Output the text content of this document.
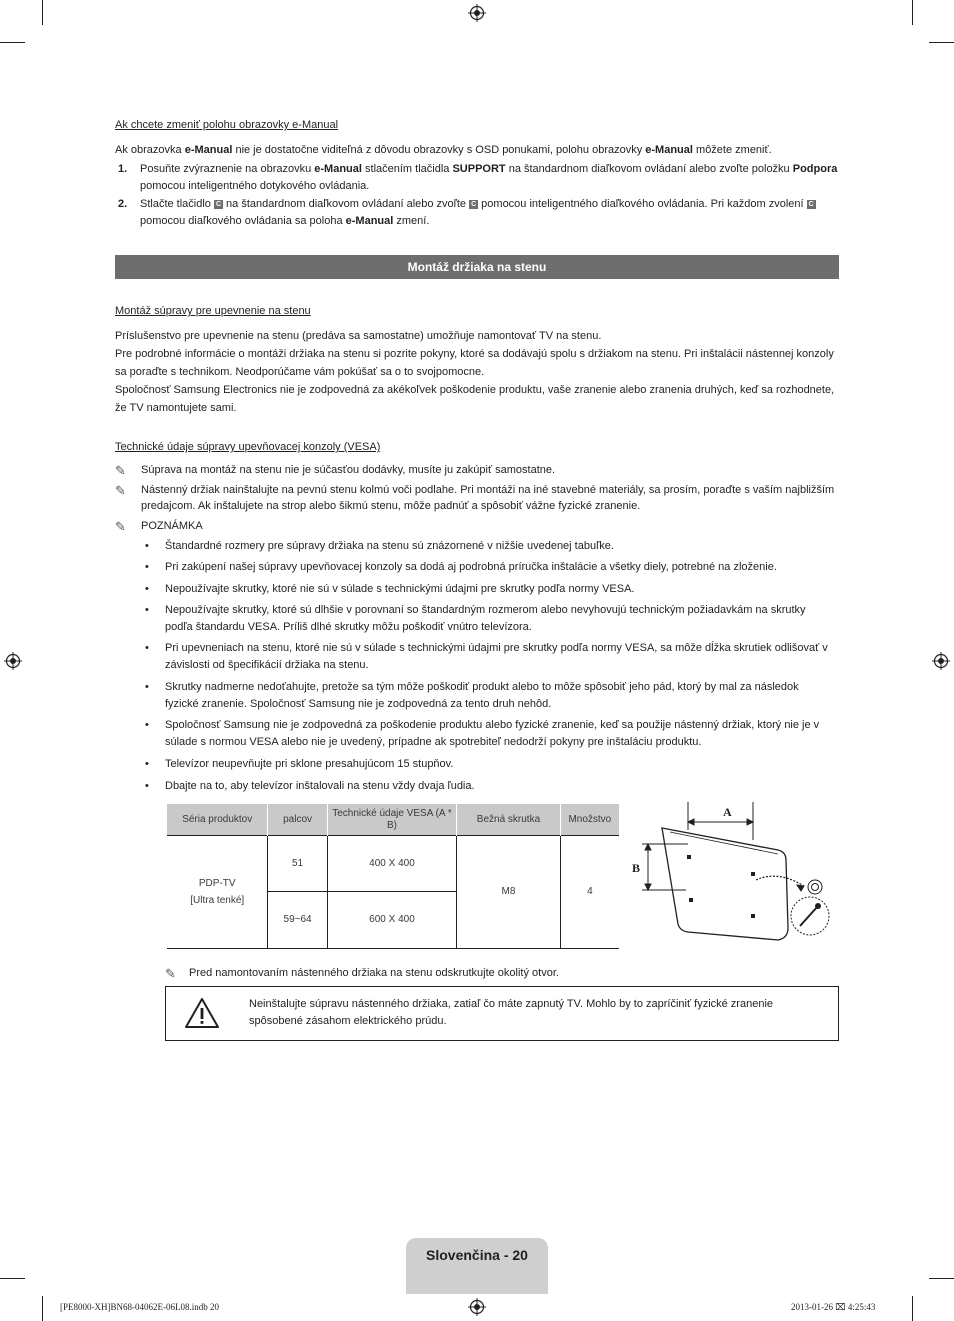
Ak chcete zmeniť polohu obrazovky e-Manual
Ak obrazovka e-Manual nie je dostatočne viditeľná z dôvodu obrazovky s OSD ponukami, polohu obrazovky e-Manual môžete zmeniť.
1. Posuňte zvýraznenie na obrazovku e-Manual stlačením tlačidla SUPPORT na štandardnom diaľkovom ovládaní alebo zvoľte položku Podpora pomocou inteligentného dotykového ovládania.
2. Stlačte tlačidlo C na štandardnom diaľkovom ovládaní alebo zvoľte C pomocou inteligentného diaľkového ovládania. Pri každom zvolení C pomocou diaľkového ovládania sa poloha e-Manual zmení.
Montáž držiaka na stenu
Montáž súpravy pre upevnenie na stenu
Príslušenstvo pre upevnenie na stenu (predáva sa samostatne) umožňuje namontovať TV na stenu.
Pre podrobné informácie o montáži držiaka na stenu si pozrite pokyny, ktoré sa dodávajú spolu s držiakom na stenu. Pri inštalácii nástennej konzoly sa poraďte s technikom. Neodporúčame vám pokúšať sa o to svojpomocne.
Spoločnosť Samsung Electronics nie je zodpovedná za akékoľvek poškodenie produktu, vaše zranenie alebo zranenia druhých, keď sa rozhodnete, že TV namontujete sami.
Technické údaje súpravy upevňovacej konzoly (VESA)
✎	Súprava na montáž na stenu nie je súčasťou dodávky, musíte ju zakúpiť samostatne.
✎	Nástenný držiak nainštalujte na pevnú stenu kolmú voči podlahe. Pri montáži na iné stavebné materiály, sa prosím, poraďte s vaším najbližším predajcom. Ak inštalujete na strop alebo šikmú stenu, môže padnúť a spôsobiť vážne fyzické zranenie.
✎	POZNÁMKA
• Štandardné rozmery pre súpravy držiaka na stenu sú znázornené v nižšie uvedenej tabuľke.
• Pri zakúpení našej súpravy upevňovacej konzoly sa dodá aj podrobná príručka inštalácie a všetky diely, potrebné na zloženie.
• Nepoužívajte skrutky, ktoré nie sú v súlade s technickými údajmi pre skrutky podľa normy VESA.
• Nepoužívajte skrutky, ktoré sú dlhšie v porovnaní so štandardným rozmerom alebo nevyhovujú technickým požiadavkám na skrutky podľa štandardu VESA. Príliš dlhé skrutky môžu poškodiť vnútro televízora.
• Pri upevneniach na stenu, ktoré nie sú v súlade s technickými údajmi pre skrutky podľa normy VESA, sa môže dĺžka skrutiek odlišovať v závislosti od špecifikácií držiaka na stenu.
• Skrutky nadmerne nedoťahujte, pretože sa tým môže poškodiť produkt alebo to môže spôsobiť jeho pád, ktorý by mal za následok fyzické zranenie. Spoločnosť Samsung nie je zodpovedná za tento druh nehôd.
• Spoločnosť Samsung nie je zodpovedná za poškodenie produktu alebo fyzické zranenie, keď sa použije nástenný držiak, ktorý nie je v súlade s normou VESA alebo nie je uvedený, prípadne ak spotrebiteľ nedodrží pokyny pre inštaláciu produktu.
• Televízor neupevňujte pri sklone presahujúcom 15 stupňov.
• Dbajte na to, aby televízor inštalovali na stenu vždy dvaja ľudia.
Séria produktov	palcov	Technické údaje VESA (A * B)	Bežná skrutka	Množstvo

PDP-TV
[Ultra tenké]	51	400 X 400	M8	4
	59~64	600 X 400		
A
B
✎	Pred namontovaním nástenného držiaka na stenu odskrutkujte okolitý otvor.
Neinštalujte súpravu nástenného držiaka, zatiaľ čo máte zapnutý TV. Mohlo by to zapríčiniť fyzické zranenie spôsobené zásahom elektrického prúdu.
Slovenčina - 20
[PE8000-XH]BN68-04062E-06L08.indb 20	2013-01-26 ⌧ 4:25:43
